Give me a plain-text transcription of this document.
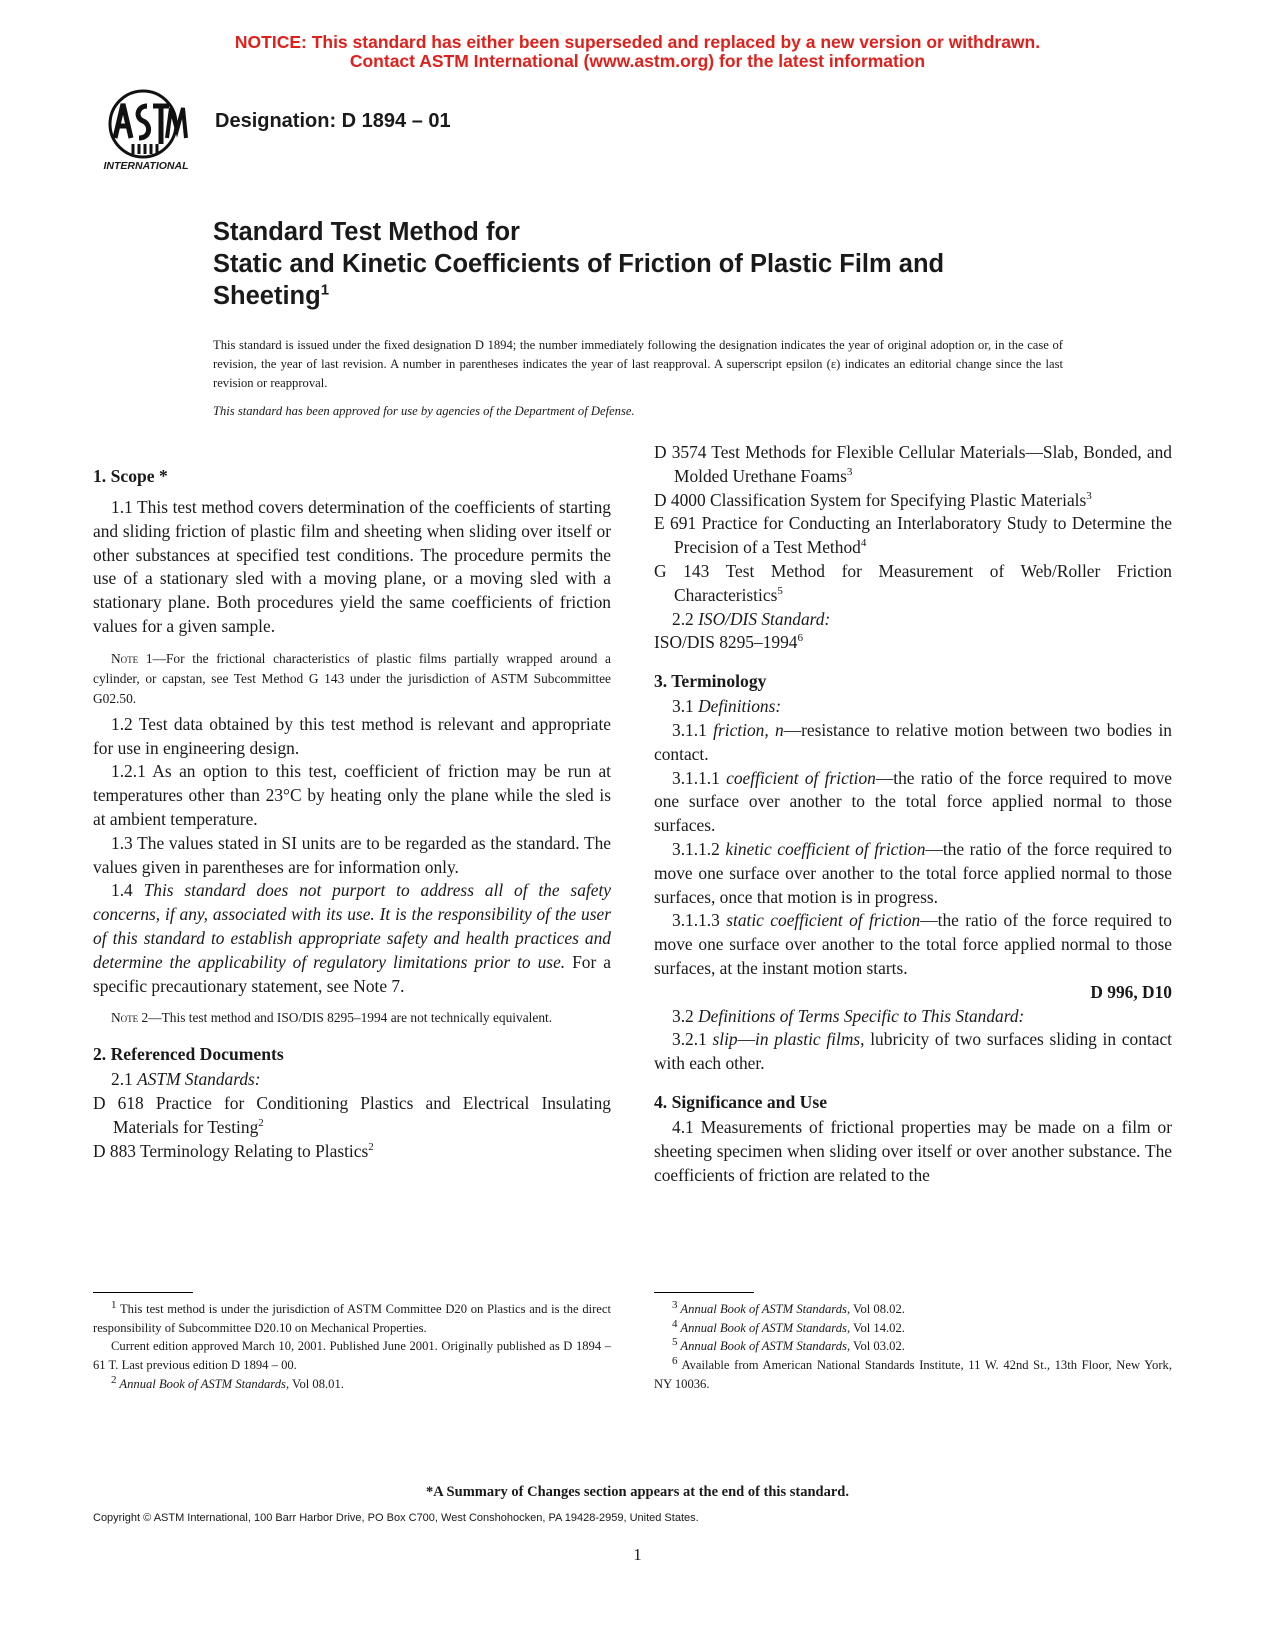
NOTICE: This standard has either been superseded and replaced by a new version or withdrawn.
Contact ASTM International (www.astm.org) for the latest information
INTERNATIONAL
Designation: D 1894 – 01
Standard Test Method for
Static and Kinetic Coefficients of Friction of Plastic Film and
Sheeting$^1$
This standard is issued under the fixed designation D 1894; the number immediately following the designation indicates the year of original adoption or, in the case of revision, the year of last revision. A number in parentheses indicates the year of last reapproval. A superscript epsilon (ε) indicates an editorial change since the last revision or reapproval.
This standard has been approved for use by agencies of the Department of Defense.
1. Scope *

1.1 This test method covers determination of the coefficients of starting and sliding friction of plastic film and sheeting when sliding over itself or other substances at specified test conditions. The procedure permits the use of a stationary sled with a moving plane, or a moving sled with a stationary plane. Both procedures yield the same coefficients of friction values for a given sample.

Note 1—For the frictional characteristics of plastic films partially wrapped around a cylinder, or capstan, see Test Method G 143 under the jurisdiction of ASTM Subcommittee G02.50.

1.2 Test data obtained by this test method is relevant and appropriate for use in engineering design.

1.2.1 As an option to this test, coefficient of friction may be run at temperatures other than 23°C by heating only the plane while the sled is at ambient temperature.

1.3 The values stated in SI units are to be regarded as the standard. The values given in parentheses are for information only.

1.4 This standard does not purport to address all of the safety concerns, if any, associated with its use. It is the responsibility of the user of this standard to establish appropriate safety and health practices and determine the applicability of regulatory limitations prior to use. For a specific precautionary statement, see Note 7.

Note 2—This test method and ISO/DIS 8295–1994 are not technically equivalent.

2. Referenced Documents

2.1 ASTM Standards:

D 618 Practice for Conditioning Plastics and Electrical Insulating Materials for Testing$^2$

D 883 Terminology Relating to Plastics$^2$

D 3574 Test Methods for Flexible Cellular Materials—Slab, Bonded, and Molded Urethane Foams$^3$

D 4000 Classification System for Specifying Plastic Materials$^3$

E 691 Practice for Conducting an Interlaboratory Study to Determine the Precision of a Test Method$^4$

G 143 Test Method for Measurement of Web/Roller Friction Characteristics$^5$

2.2 ISO/DIS Standard:

ISO/DIS 8295–1994$^6$

3. Terminology

3.1 Definitions:

3.1.1 friction, n—resistance to relative motion between two bodies in contact.

3.1.1.1 coefficient of friction—the ratio of the force required to move one surface over another to the total force applied normal to those surfaces.

3.1.1.2 kinetic coefficient of friction—the ratio of the force required to move one surface over another to the total force applied normal to those surfaces, once that motion is in progress.

3.1.1.3 static coefficient of friction—the ratio of the force required to move one surface over another to the total force applied normal to those surfaces, at the instant motion starts.

D 996, D10

3.2 Definitions of Terms Specific to This Standard:

3.2.1 slip—in plastic films, lubricity of two surfaces sliding in contact with each other.

4. Significance and Use

4.1 Measurements of frictional properties may be made on a film or sheeting specimen when sliding over itself or over another substance. The coefficients of friction are related to the

$^1$ This test method is under the jurisdiction of ASTM Committee D20 on Plastics and is the direct responsibility of Subcommittee D20.10 on Mechanical Properties.

Current edition approved March 10, 2001. Published June 2001. Originally published as D 1894 – 61 T. Last previous edition D 1894 – 00.

$^2$ Annual Book of ASTM Standards, Vol 08.01.

$^3$ Annual Book of ASTM Standards, Vol 08.02.

$^4$ Annual Book of ASTM Standards, Vol 14.02.

$^5$ Annual Book of ASTM Standards, Vol 03.02.

$^6$ Available from American National Standards Institute, 11 W. 42nd St., 13th Floor, New York, NY 10036.

*A Summary of Changes section appears at the end of this standard.
Copyright © ASTM International, 100 Barr Harbor Drive, PO Box C700, West Conshohocken, PA 19428-2959, United States.
1
